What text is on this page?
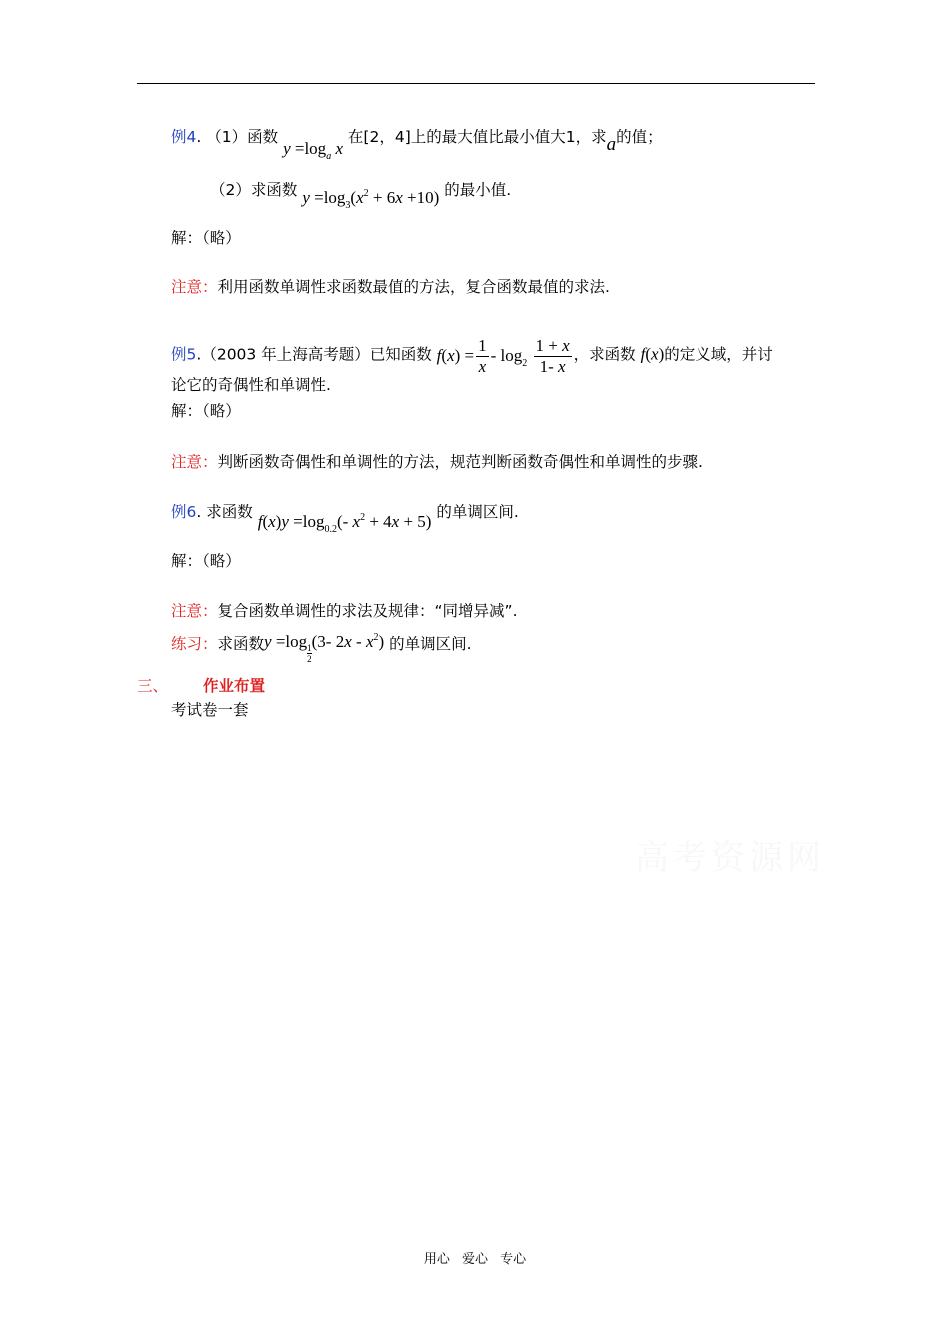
例4. （1）函数 $y =\log_a$ x 在[2，4]上的最大值比最小值大1，求a的值；
（2）求函数 $y =\log_3(x^2 + 6x +10)$ 的最小值.
解：（略）
注意：利用函数单调性求函数最值的方法，复合函数最值的求法.
例5.（2003 年上海高考题）已知函数 $f(x) = \frac{1}{x} - \log_2 \frac{1 + x}{1- x}$ ，求函数 f(x)的定义域，并讨
论它的奇偶性和单调性.
解：（略）
注意：判断函数奇偶性和单调性的方法，规范判断函数奇偶性和单调性的步骤.
例6. 求函数 $f(x)y =\log_{0.2}(-$ $x^2 + 4x + 5$) 的单调区间.
解：（略）
注意：复合函数单调性的求法及规律：“同增异减”.
练习：求函数y =log
$\frac{1}{2}$
(3- $2x - x^2$) 的单调区间.
三、 作业布置
考试卷一套
高考资源网
用心 爱心 专心
